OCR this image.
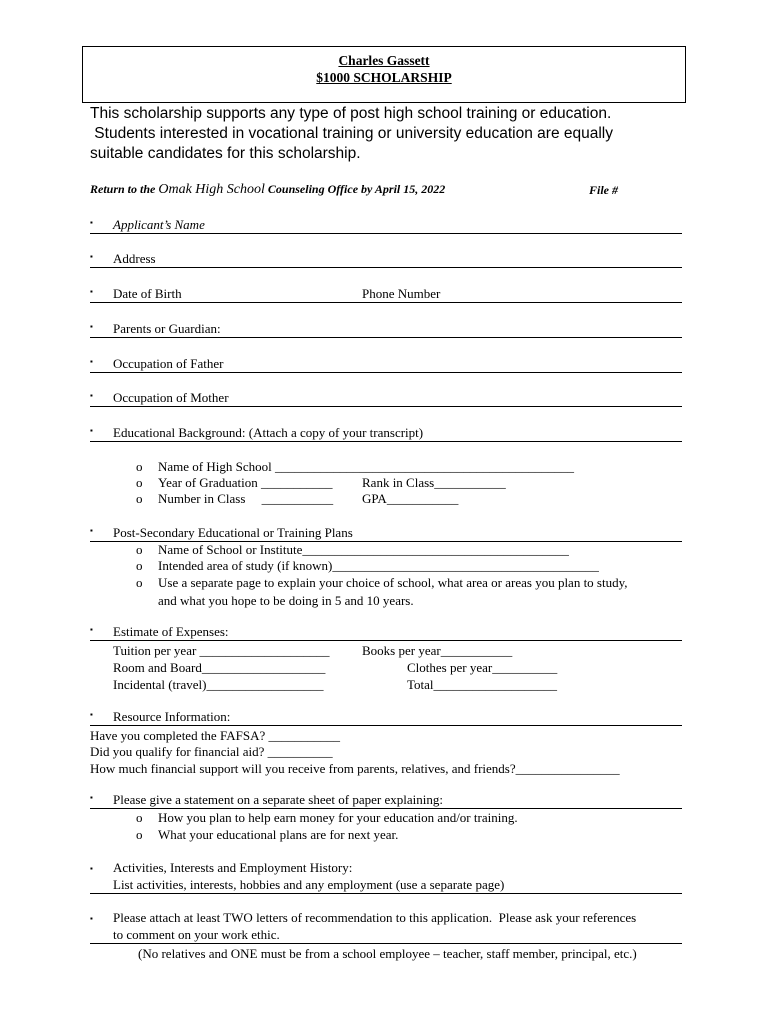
Charles Gassett
$1000 SCHOLARSHIP
This scholarship supports any type of post high school training or education.
Students interested in vocational training or university education are equally
suitable candidates for this scholarship.
Return to the Omak High School Counseling Office by April 15, 2022	File #
▪ Applicant’s Name
▪ Address
▪ Date of Birth	Phone Number
▪ Parents or Guardian:
▪ Occupation of Father
▪ Occupation of Mother
▪ Educational Background: (Attach a copy of your transcript)
o Name of High School ______________________________________________
o Year of Graduation ___________ Rank in Class___________
o Number in Class     ___________ GPA___________
▪ Post-Secondary Educational or Training Plans
o Name of School or Institute_________________________________________
o Intended area of study (if known)_________________________________________
o Use a separate page to explain your choice of school, what area or areas you plan to study,
and what you hope to be doing in 5 and 10 years.
▪ Estimate of Expenses:
Tuition per year ____________________ Books per year___________
Room and Board___________________	Clothes per year__________
Incidental (travel)__________________	Total___________________
▪ Resource Information:
Have you completed the FAFSA? ___________
Did you qualify for financial aid? __________
How much financial support will you receive from parents, relatives, and friends?________________
▪ Please give a statement on a separate sheet of paper explaining:
o How you plan to help earn money for your education and/or training.
o What your educational plans are for next year.
▪ Activities, Interests and Employment History:
List activities, interests, hobbies and any employment (use a separate page)
▪ Please attach at least TWO letters of recommendation to this application.  Please ask your references
to comment on your work ethic.
(No relatives and ONE must be from a school employee – teacher, staff member, principal, etc.)
